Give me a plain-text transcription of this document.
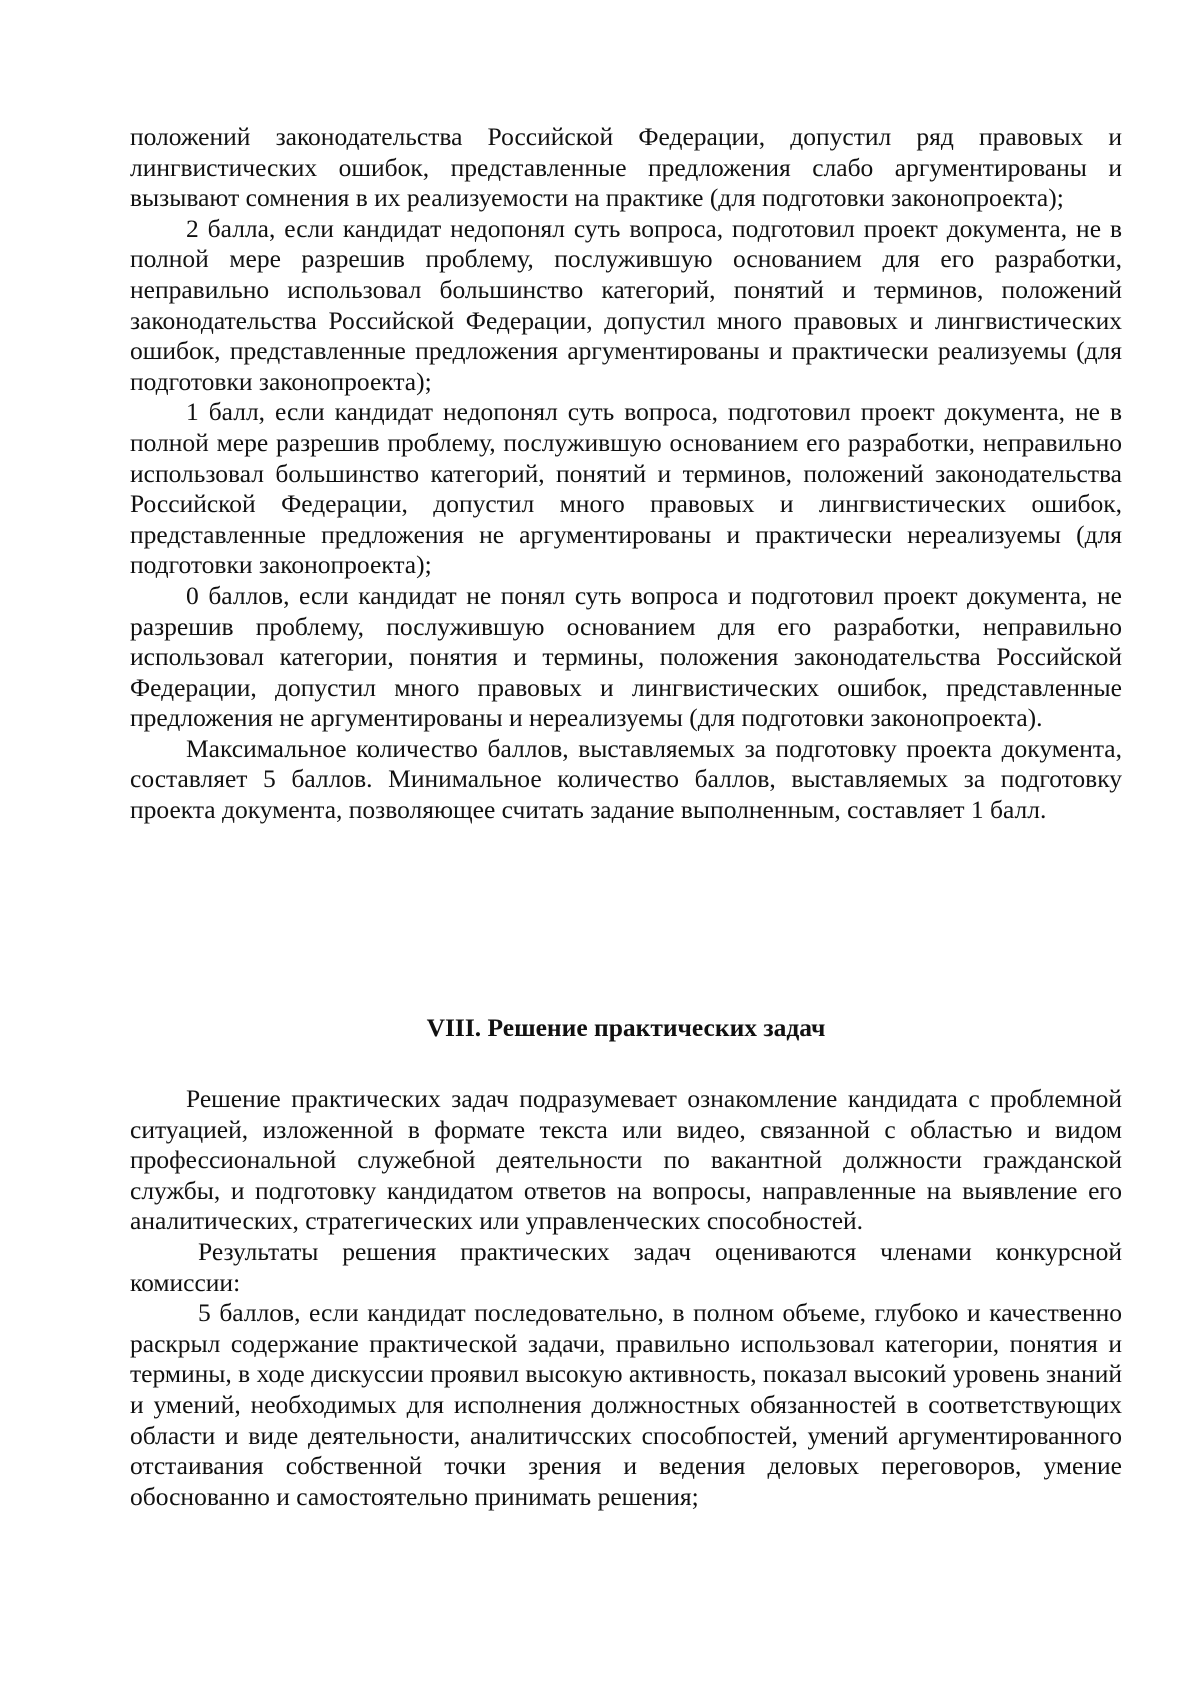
положений законодательства Российской Федерации, допустил ряд правовых и лингвистических ошибок, представленные предложения слабо аргументированы и вызывают сомнения в их реализуемости на практике (для подготовки законопроекта);

2 балла, если кандидат недопонял суть вопроса, подготовил проект документа, не в полной мере разрешив проблему, послужившую основанием для его разработки, неправильно использовал большинство категорий, понятий и терминов, положений законодательства Российской Федерации, допустил много правовых и лингвистических ошибок, представленные предложения аргументированы и практически реализуемы (для подготовки законопроекта);

1 балл, если кандидат недопонял суть вопроса, подготовил проект документа, не в полной мере разрешив проблему, послужившую основанием его разработки, неправильно использовал большинство категорий, понятий и терминов, положений законодательства Российской Федерации, допустил много правовых и лингвистических ошибок, представленные предложения не аргументированы и практически нереализуемы (для подготовки законопроекта);

0 баллов, если кандидат не понял суть вопроса и подготовил проект документа, не разрешив проблему, послужившую основанием для его разработки, неправильно использовал категории, понятия и термины, положения законодательства Российской Федерации, допустил много правовых и лингвистических ошибок, представленные предложения не аргументированы и нереализуемы (для подготовки законопроекта).

Максимальное количество баллов, выставляемых за подготовку проекта документа, составляет 5 баллов. Минимальное количество баллов, выставляемых за подготовку проекта документа, позволяющее считать задание выполненным, составляет 1 балл.

VIII. Решение практических задач

Решение практических задач подразумевает ознакомление кандидата с проблемной ситуацией, изложенной в формате текста или видео, связанной с областью и видом профессиональной служебной деятельности по вакантной должности гражданской службы, и подготовку кандидатом ответов на вопросы, направленные на выявление его аналитических, стратегических или управленческих способностей.

Результаты решения практических задач оцениваются членами конкурсной комиссии:

5 баллов, если кандидат последовательно, в полном объеме, глубоко и качественно раскрыл содержание практической задачи, правильно использовал категории, понятия и термины, в ходе дискуссии проявил высокую активность, показал высокий уровень знаний и умений, необходимых для исполнения должностных обязанностей в соответствующих области и виде деятельности, аналитичсских способпостей, умений аргументированного отстаивания собственной точки зрения и ведения деловых переговоров, умение обоснованно и самостоятельно принимать решения;
